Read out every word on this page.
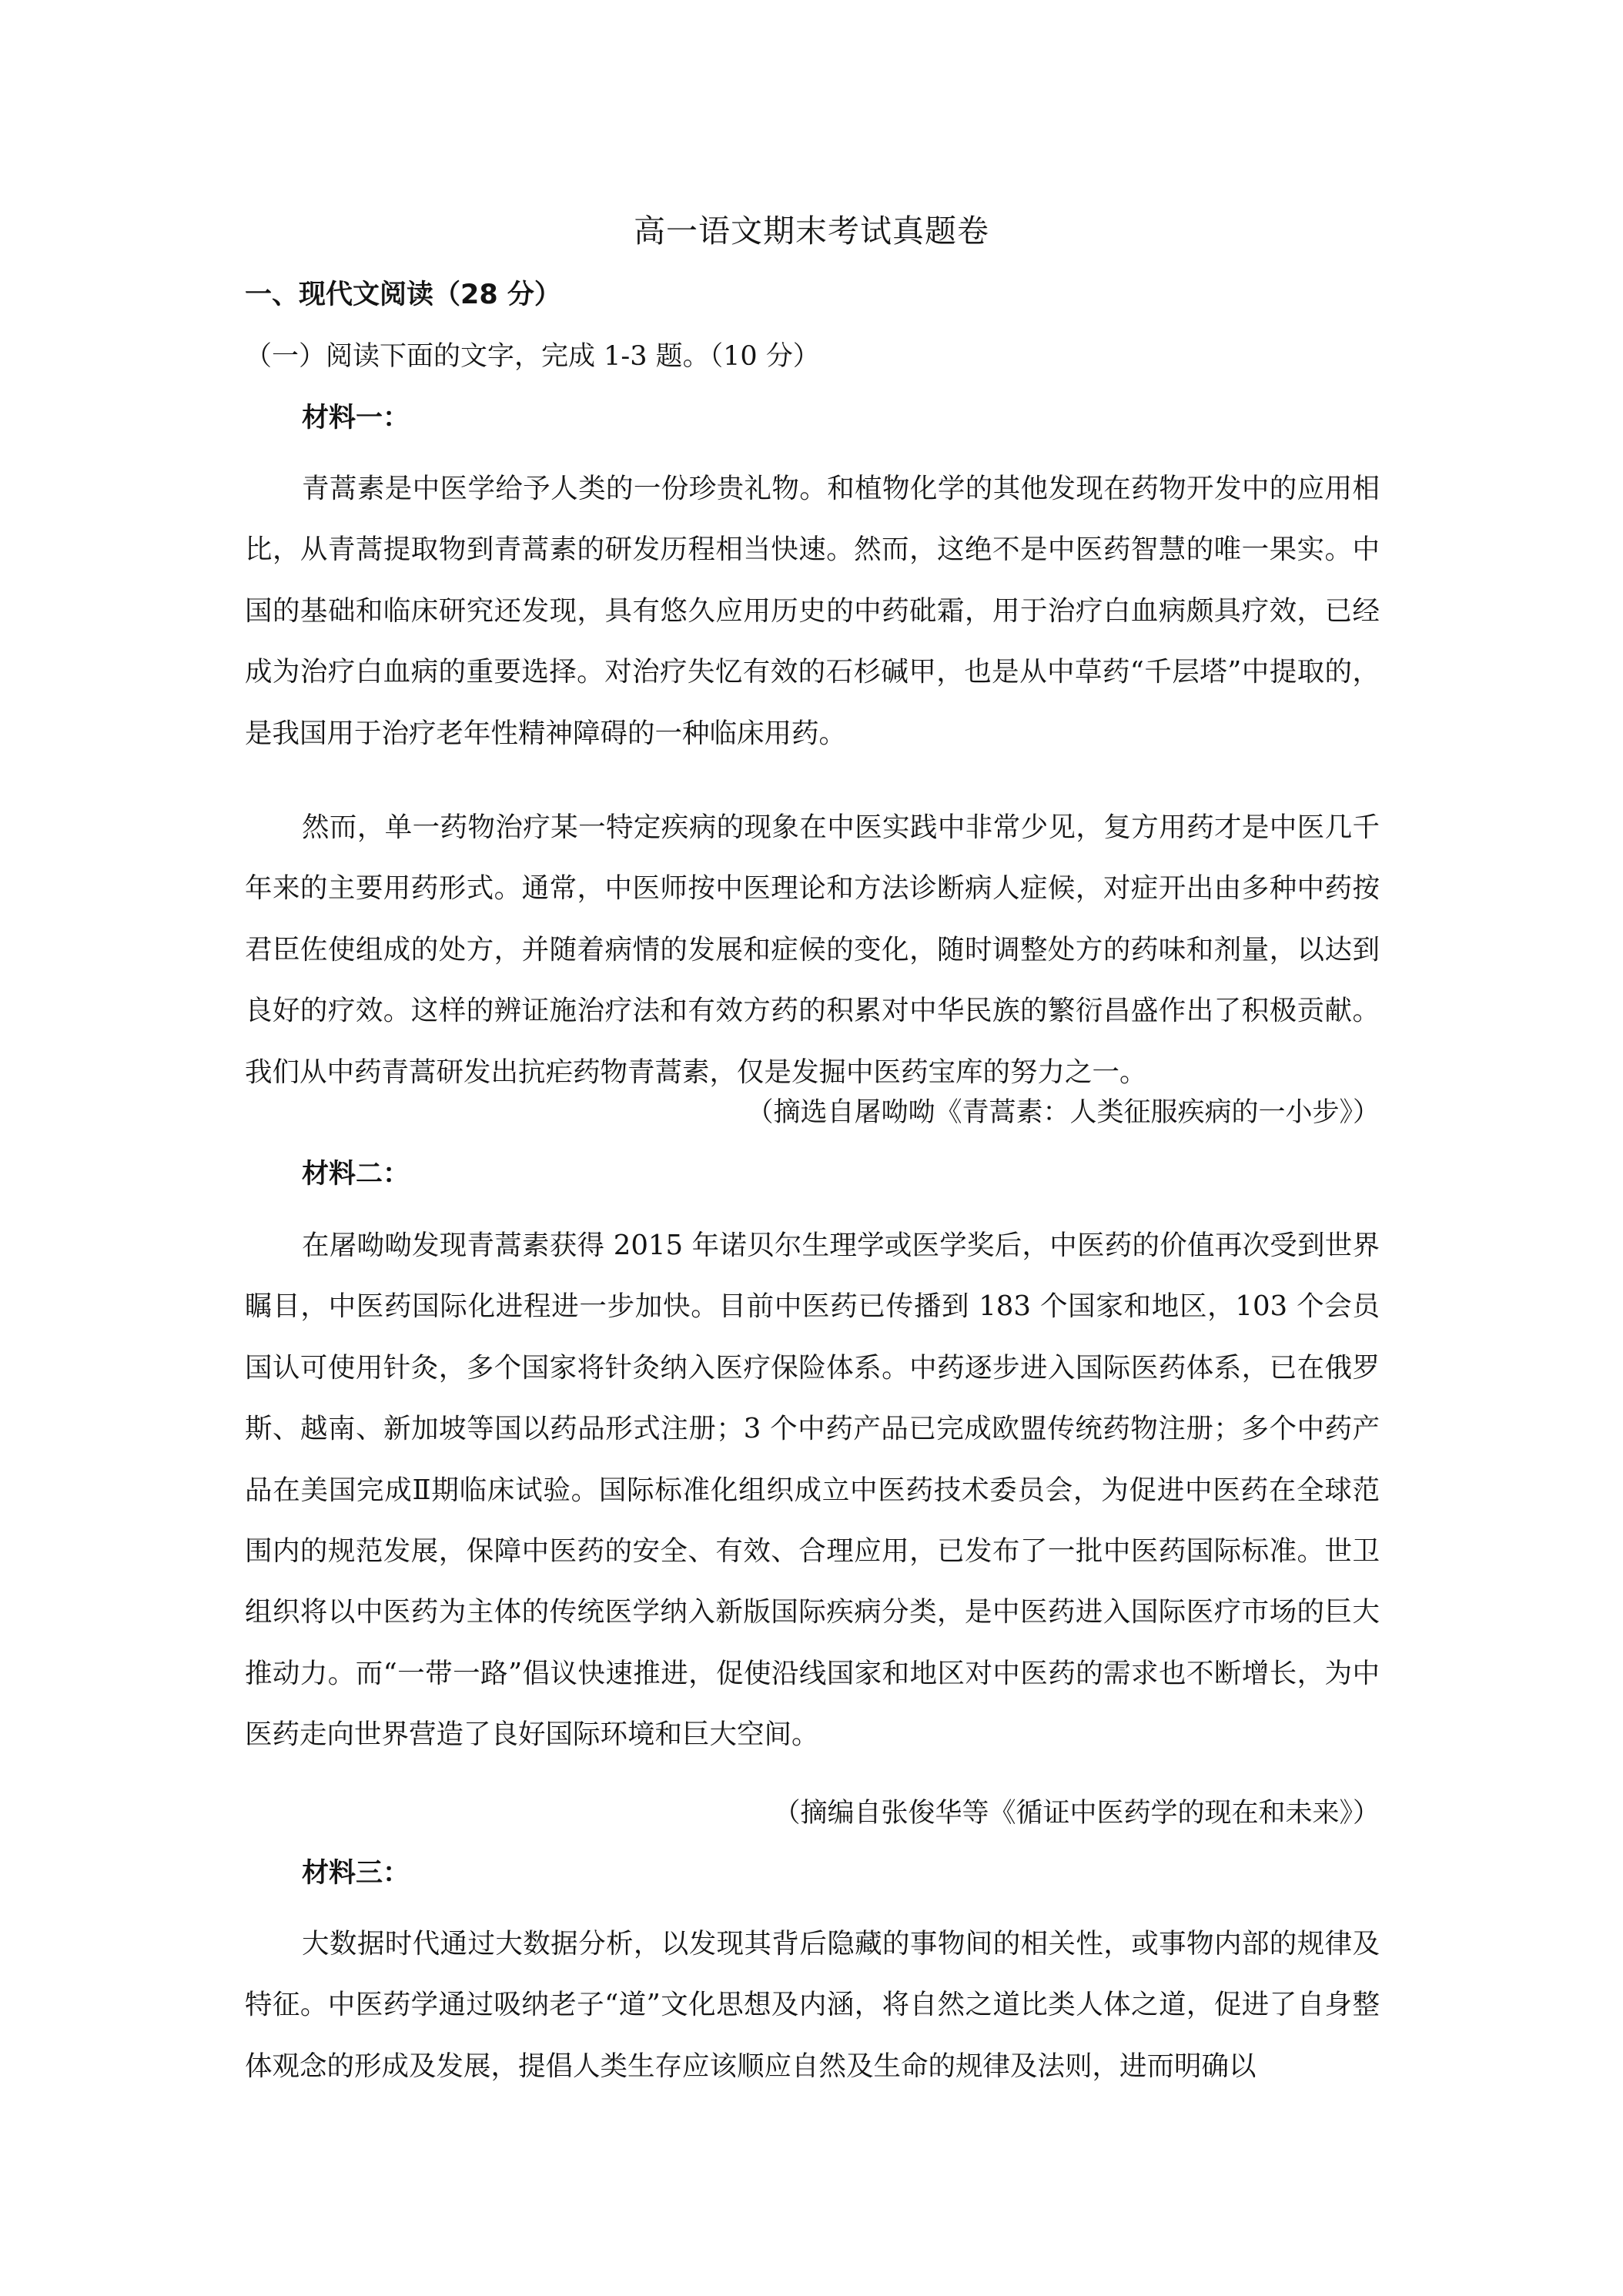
高一语文期末考试真题卷
一、现代文阅读（28 分）
（一）阅读下面的文字，完成 1-3 题。（10 分）
材料一：
青蒿素是中医学给予人类的一份珍贵礼物。和植物化学的其他发现在药物开发中的应用相比，从青蒿提取物到青蒿素的研发历程相当快速。然而，这绝不是中医药智慧的唯一果实。中国的基础和临床研究还发现，具有悠久应用历史的中药砒霜，用于治疗白血病颇具疗效，已经成为治疗白血病的重要选择。对治疗失忆有效的石杉碱甲，也是从中草药“千层塔”中提取的，是我国用于治疗老年性精神障碍的一种临床用药。
然而，单一药物治疗某一特定疾病的现象在中医实践中非常少见，复方用药才是中医几千年来的主要用药形式。通常，中医师按中医理论和方法诊断病人症候，对症开出由多种中药按君臣佐使组成的处方，并随着病情的发展和症候的变化，随时调整处方的药味和剂量，以达到良好的疗效。这样的辨证施治疗法和有效方药的积累对中华民族的繁衍昌盛作出了积极贡献。我们从中药青蒿研发出抗疟药物青蒿素，仅是发掘中医药宝库的努力之一。
（摘选自屠呦呦《青蒿素：人类征服疾病的一小步》）
材料二：
在屠呦呦发现青蒿素获得 2015 年诺贝尔生理学或医学奖后，中医药的价值再次受到世界瞩目，中医药国际化进程进一步加快。目前中医药已传播到 183 个国家和地区，103 个会员国认可使用针灸，多个国家将针灸纳入医疗保险体系。中药逐步进入国际医药体系，已在俄罗斯、越南、新加坡等国以药品形式注册；3 个中药产品已完成欧盟传统药物注册；多个中药产品在美国完成Ⅱ期临床试验。国际标准化组织成立中医药技术委员会，为促进中医药在全球范围内的规范发展，保障中医药的安全、有效、合理应用，已发布了一批中医药国际标准。世卫组织将以中医药为主体的传统医学纳入新版国际疾病分类，是中医药进入国际医疗市场的巨大推动力。而“一带一路”倡议快速推进，促使沿线国家和地区对中医药的需求也不断增长，为中医药走向世界营造了良好国际环境和巨大空间。
（摘编自张俊华等《循证中医药学的现在和未来》）
材料三：
大数据时代通过大数据分析，以发现其背后隐藏的事物间的相关性，或事物内部的规律及特征。中医药学通过吸纳老子“道”文化思想及内涵，将自然之道比类人体之道，促进了自身整体观念的形成及发展，提倡人类生存应该顺应自然及生命的规律及法则，进而明确以
